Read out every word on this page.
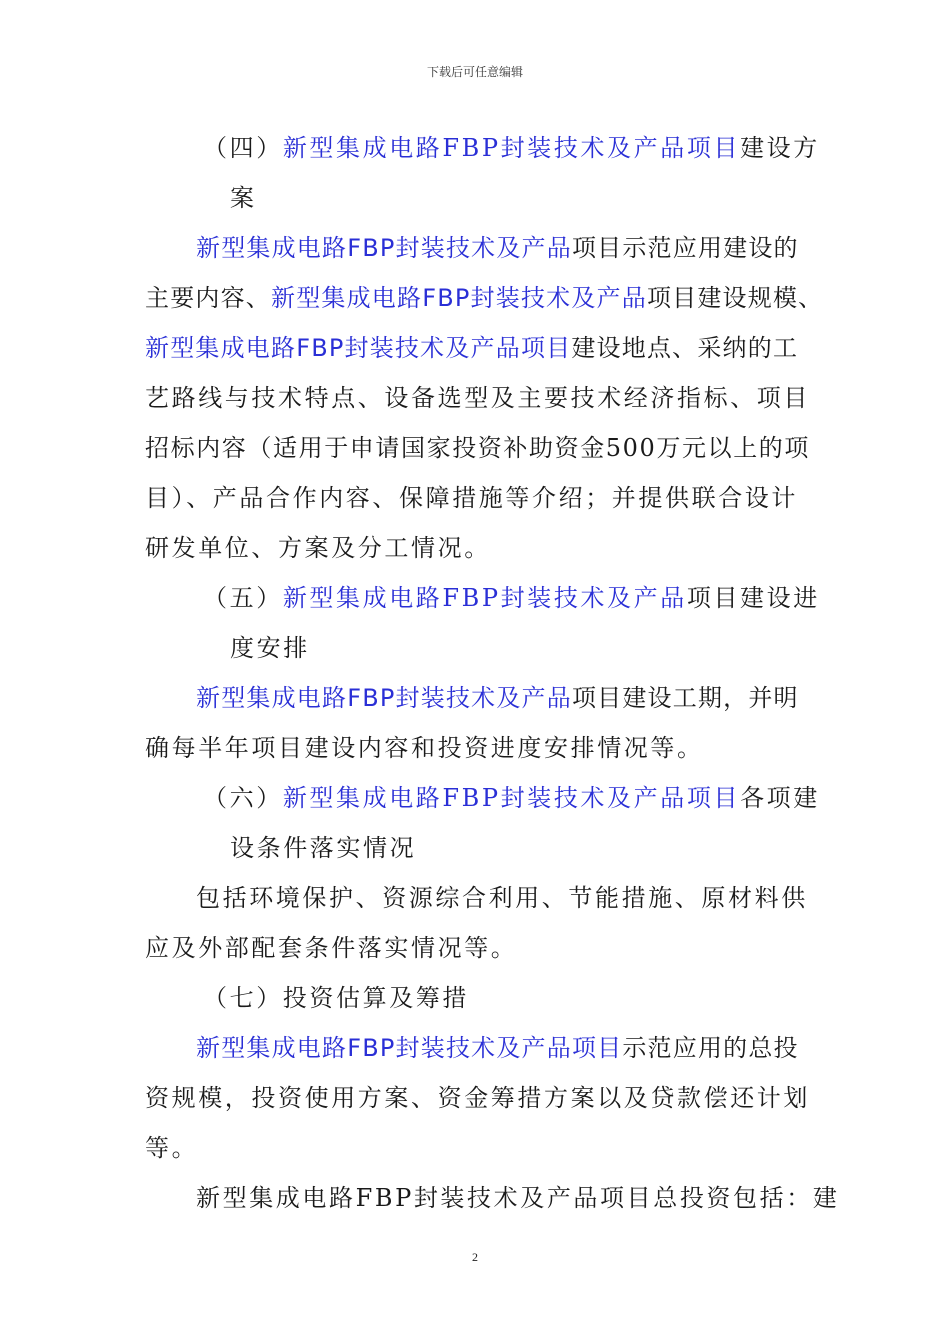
下载后可任意编辑
（四）新型集成电路FBP封装技术及产品项目建设方
案
新型集成电路FBP封装技术及产品项目示范应用建设的
主要内容、新型集成电路FBP封装技术及产品项目建设规模、
新型集成电路FBP封装技术及产品项目建设地点、采纳的工
艺路线与技术特点、设备选型及主要技术经济指标、项目
招标内容（适用于申请国家投资补助资金500万元以上的项
目）、产品合作内容、保障措施等介绍；并提供联合设计
研发单位、方案及分工情况。
（五）新型集成电路FBP封装技术及产品项目建设进
度安排
新型集成电路FBP封装技术及产品项目建设工期，并明
确每半年项目建设内容和投资进度安排情况等。
（六）新型集成电路FBP封装技术及产品项目各项建
设条件落实情况
包括环境保护、资源综合利用、节能措施、原材料供
应及外部配套条件落实情况等。
（七）投资估算及筹措
新型集成电路FBP封装技术及产品项目示范应用的总投
资规模，投资使用方案、资金筹措方案以及贷款偿还计划
等。
新型集成电路FBP封装技术及产品项目总投资包括：建
2
